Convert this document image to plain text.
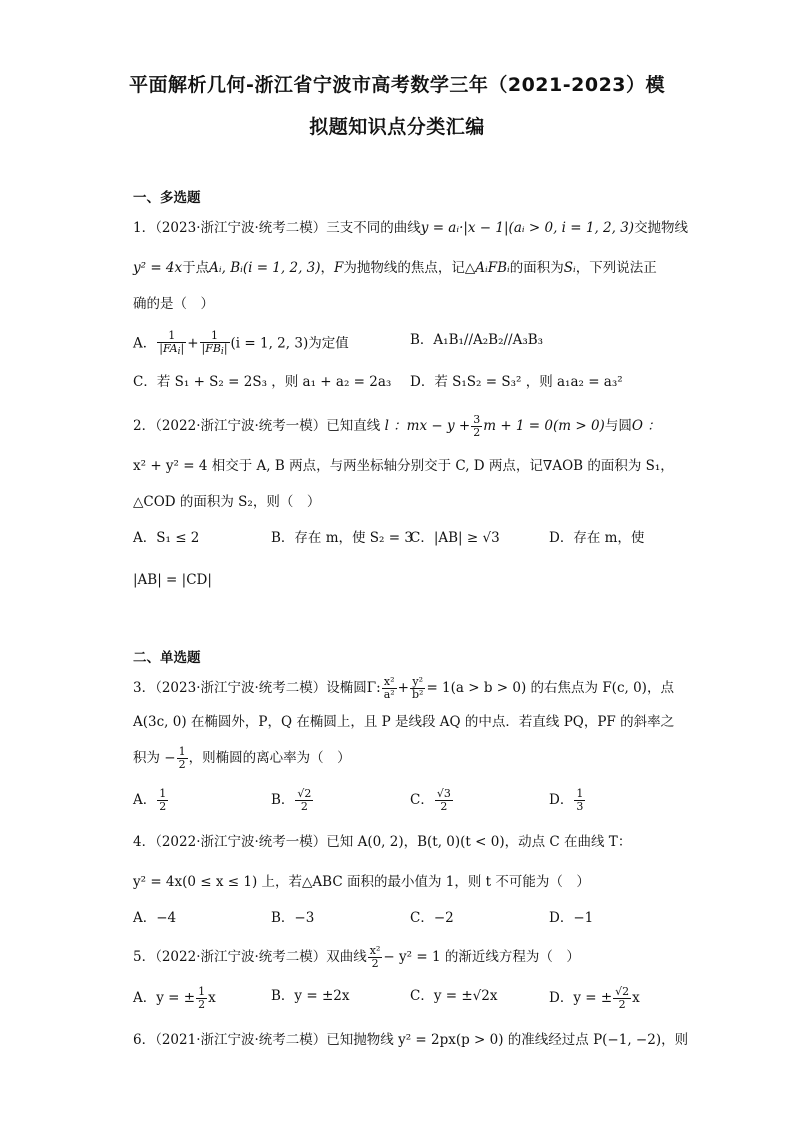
平面解析几何-浙江省宁波市高考数学三年（2021-2023）模
拟题知识点分类汇编
一、多选题
1．（2023·浙江宁波·统考二模）三支不同的曲线y = aᵢ·|x − 1|(aᵢ > 0, i = 1, 2, 3)交抛物线
y² = 4x于点Aᵢ, Bᵢ(i = 1, 2, 3)，F为抛物线的焦点，记△AᵢFBᵢ的面积为Sᵢ，下列说法正
确的是（　）
A． $\frac{1}{|FA_i|} + \frac{1}{|FB_i|} (i = 1$, 2, 3)为定值	B．A₁B₁//A₂B₂//A₃B₃
C．若 S₁ + S₂ = 2S₃ ，则 a₁ + a₂ = 2a₃ D．若 S₁S₂ = S₃² ，则 a₁a₂ = a₃²
2．（2022·浙江宁波·统考一模）已知直线 l ：mx − $y + \frac{3}{2}$ m + 1 = 0(m > 0)与圆O ：
x² + y² = 4 相交于 A, B 两点，与两坐标轴分别交于 C, D 两点，记∇AOB 的面积为 S₁，
△COD 的面积为 S₂，则（　）
A．S₁ ≤ 2	B．存在 m，使 S₂ = 3
C．|AB| ≥ √3	D．存在 m，使
|AB| = |CD|
二、单选题
3．（2023·浙江宁波·统考二模）设椭圆Γ: $\frac{\text{x²}}{\text{a²}} + \frac{\text{y²}}{\text{b²}} = 1(a > b > 0)$ 的右焦点为 F(c, 0)，点
A(3c, 0) 在椭圆外，P，Q 在椭圆上，且 P 是线段 AQ 的中点．若直线 PQ，PF 的斜率之
积为 − $\frac{1}{2}$ ，则椭圆的离心率为（　）
A． $\frac{1}{2}$	B． $\frac{√2}{2}$	C． $\frac{√3}{2}$	D． $\frac{1}{3}$
4．（2022·浙江宁波·统考一模）已知 A(0, 2)，B(t, 0)(t < 0)，动点 C 在曲线 T：
y² = 4x(0 ≤ x ≤ 1) 上，若△ABC 面积的最小值为 1，则 t 不可能为（　）
A．−4	B．−3	C．−2	D．−1
5．（2022·浙江宁波·统考二模）双曲线 $\frac{\text{x²}}{2} - y^2 = 1$ 的渐近线方程为（　）
A．y = ± $\frac{1}{2}$ x	B．y = ±2x	C．y = ±√2x	D．y = ± $\frac{√2}{2}$ x
6．（2021·浙江宁波·统考二模）已知抛物线 y² = 2px(p > 0) 的准线经过点 P(−1, −2)，则
